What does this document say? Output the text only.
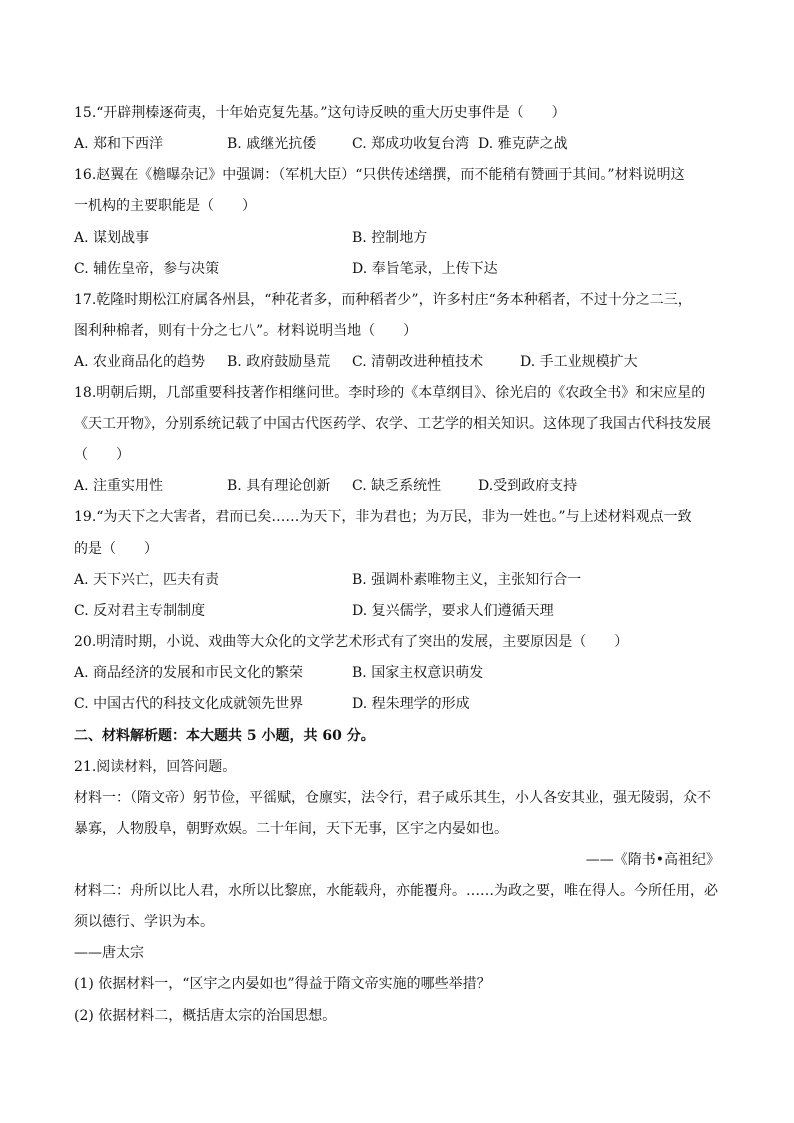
15.“开辟荆榛逐荷夷，十年始克复先基。”这句诗反映的重大历史事件是（　　）
A. 郑和下西洋	B. 戚继光抗倭	C. 郑成功收复台湾 D. 雅克萨之战
16.赵翼在《檐曝杂记》中强调：（军机大臣）“只供传述缮撰，而不能稍有赞画于其间。”材料说明这
一机构的主要职能是（　　）
A. 谋划战事	B. 控制地方
C. 辅佐皇帝，参与决策	D. 奉旨笔录，上传下达
17.乾隆时期松江府属各州县，“种花者多，而种稻者少”，许多村庄“务本种稻者，不过十分之二三，
图利种棉者，则有十分之七八”。材料说明当地（　　）
A. 农业商品化的趋势 B. 政府鼓励垦荒 C. 清朝改进种植技术	D. 手工业规模扩大
18.明朝后期，几部重要科技著作相继问世。李时珍的《本草纲目》、徐光启的《农政全书》和宋应星的
《天工开物》，分别系统记载了中国古代医药学、农学、工艺学的相关知识。这体现了我国古代科技发展
（　　）
A. 注重实用性	B. 具有理论创新 C. 缺乏系统性	D.受到政府支持
19.“为天下之大害者，君而已矣……为天下，非为君也；为万民，非为一姓也。”与上述材料观点一致
的是（　　）
A. 天下兴亡，匹夫有责	B. 强调朴素唯物主义，主张知行合一
C. 反对君主专制制度	D. 复兴儒学，要求人们遵循天理
20.明清时期，小说、戏曲等大众化的文学艺术形式有了突出的发展，主要原因是（　　）
A. 商品经济的发展和市民文化的繁荣	B. 国家主权意识萌发
C. 中国古代的科技文化成就领先世界	D. 程朱理学的形成
二、材料解析题：本大题共 5 小题，共 60 分。
21.阅读材料，回答问题。
材料一：（隋文帝）躬节俭，平徭赋，仓廪实，法令行，君子咸乐其生，小人各安其业，强无陵弱，众不
暴寡，人物殷阜，朝野欢娱。二十年间，天下无事，区宇之内晏如也。
——《隋书•高祖纪》
材料二：舟所以比人君，水所以比黎庶，水能载舟，亦能覆舟。……为政之要，唯在得人。今所任用，必
须以德行、学识为本。
——唐太宗
(1) 依据材料一，“区宇之内晏如也”得益于隋文帝实施的哪些举措？
(2) 依据材料二，概括唐太宗的治国思想。
